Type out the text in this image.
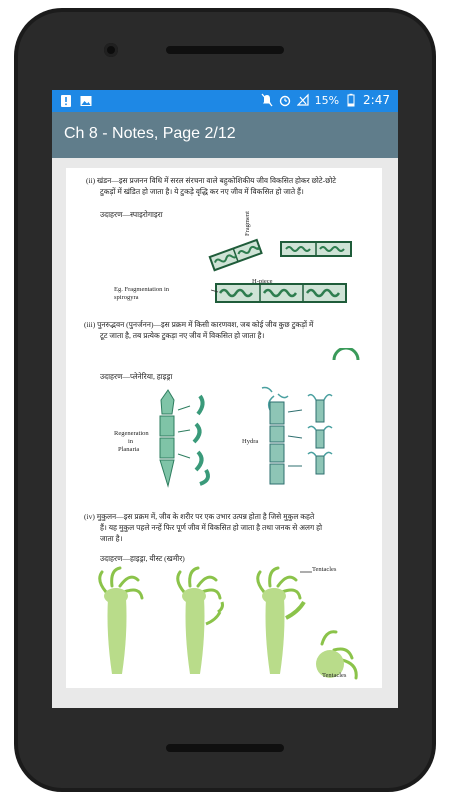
15% 2:47
Ch 8 - Notes, Page 2/12
(ii) खंडन—इस प्रजनन विधि में सरल संरचना वाले बहुकोशिकीय जीव विकसित होकर छोटे-छोटे
टुकड़ों में खंडित हो जाता है। ये टुकड़े वृद्धि कर नए जीव में विकसित हो जाते हैं।
उदाहरण—स्पाइरोगाइरा
Eg. Fragmentation in
spirogyra
Fragment
H-piece
(iii) पुनरुद्भवन (पुनर्जनन)—इस प्रक्रम में किसी कारणवश, जब कोई जीव कुछ टुकड़ों में
टूट जाता है, तब प्रत्येक टुकड़ा नए जीव में विकसित हो जाता है।
उदाहरण—प्लेनेरिया, हाइड्रा
Regeneration
in
Planaria
Hydra
(iv) मुकुलन—इस प्रक्रम में, जीव के शरीर पर एक उभार उत्पन्न होता है जिसे मुकुल कहते
हैं। यह मुकुल पहले नन्हें फिर पूर्ण जीव में विकसित हो जाता है तथा जनक से अलग हो
जाता है।
उदाहरण—हाइड्रा, यीस्ट (खमीर)
Tentacles
Tentacles
